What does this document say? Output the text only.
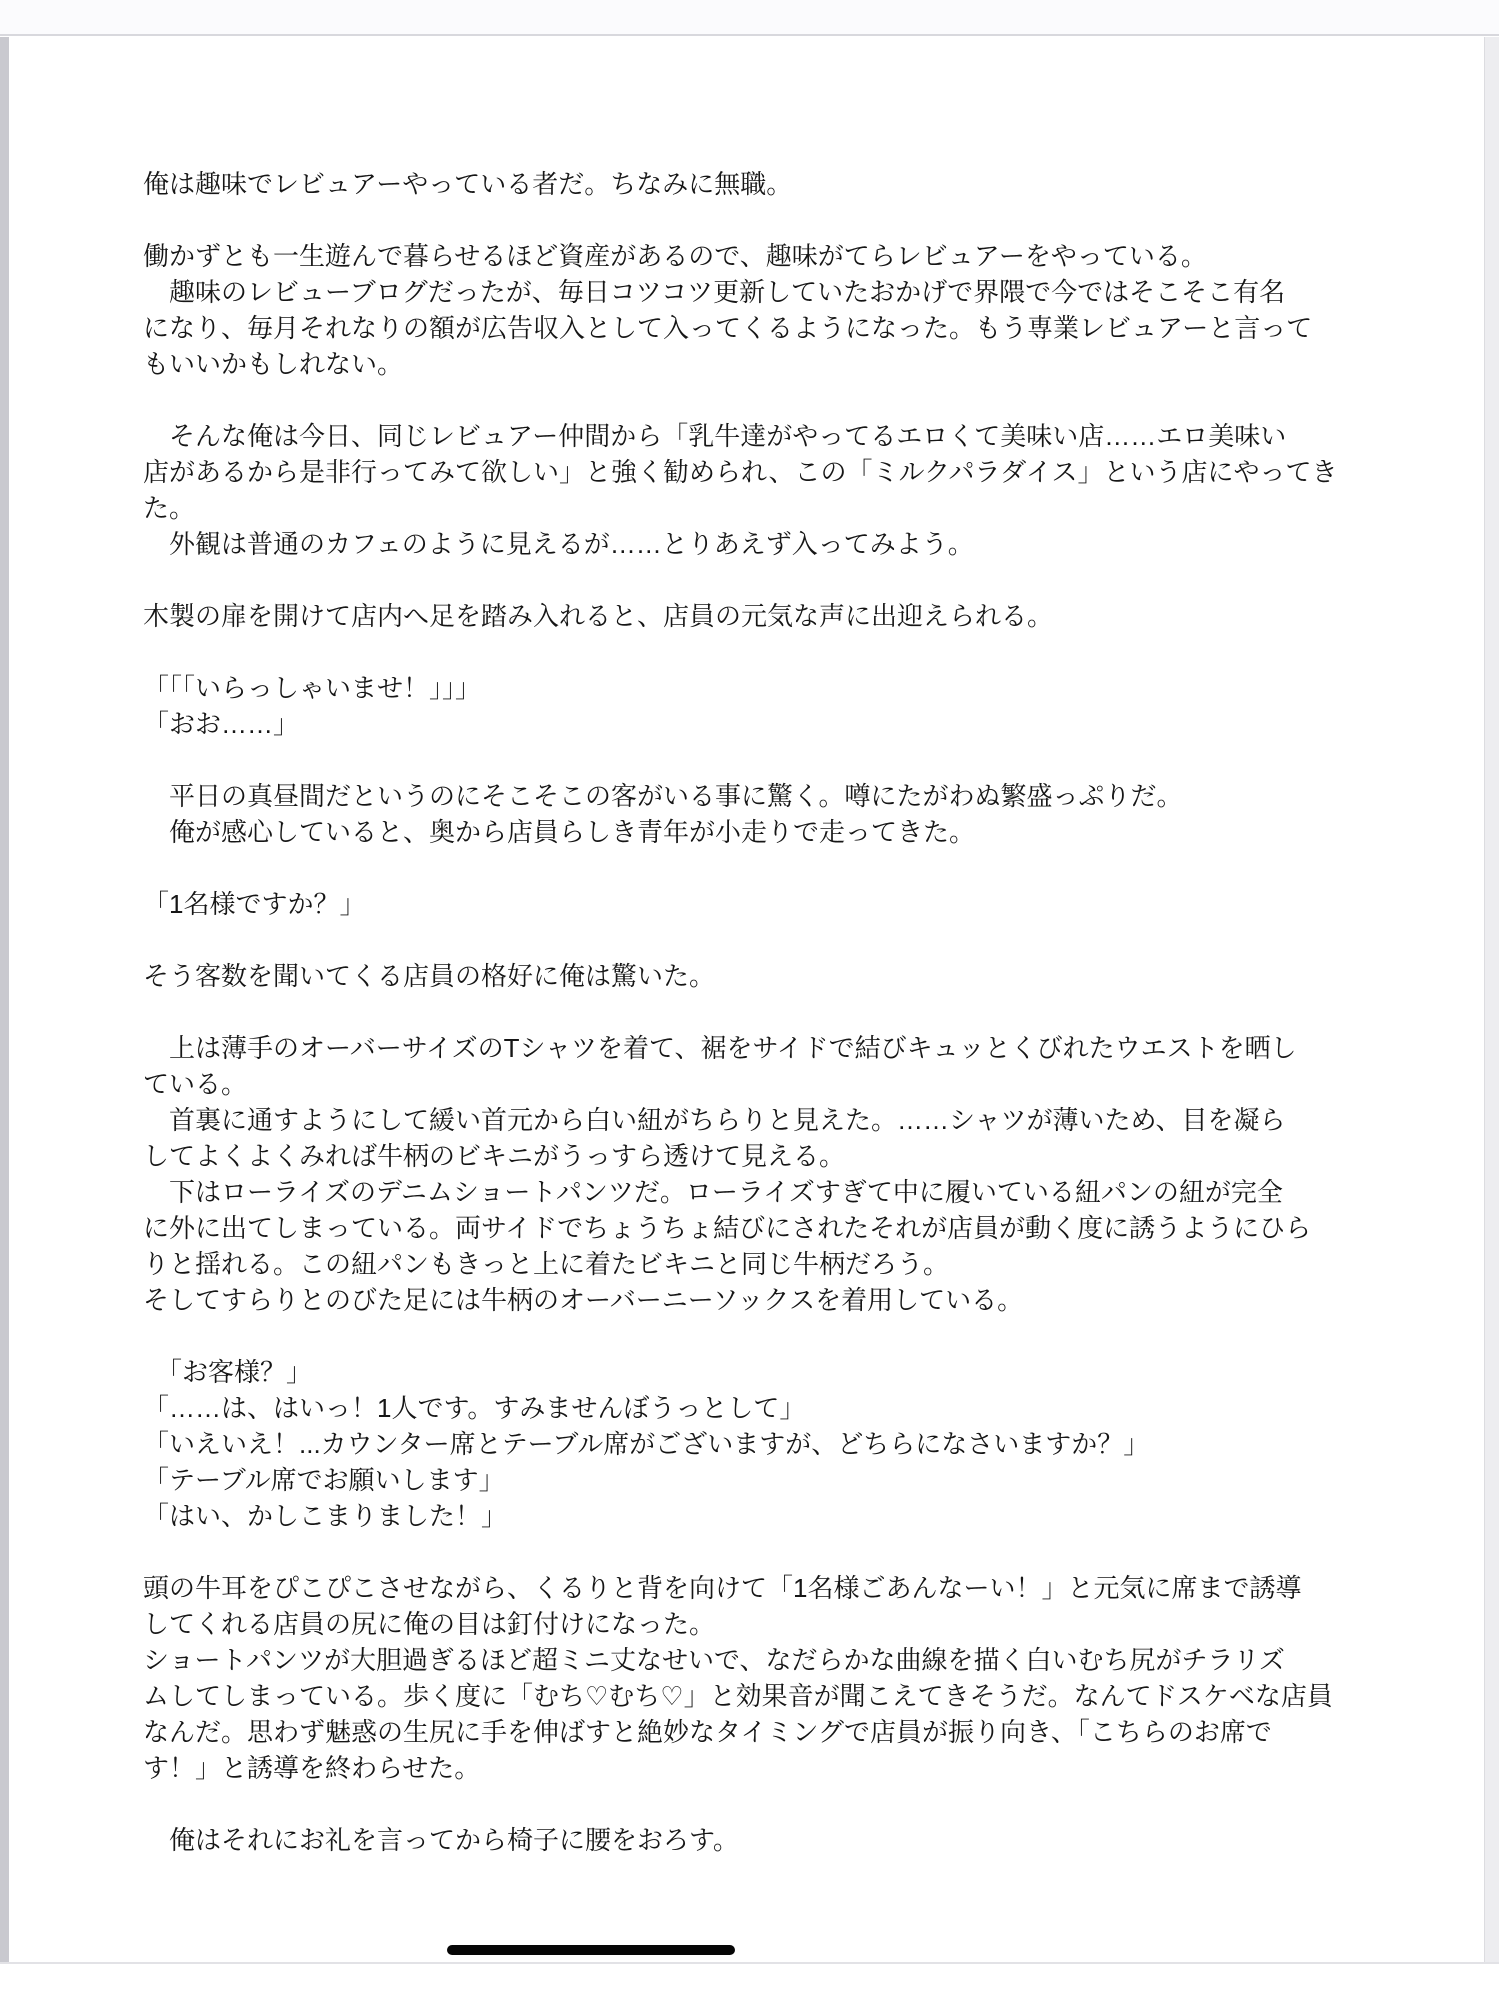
俺は趣味でレビュアーやっている者だ。ちなみに無職。
働かずとも一生遊んで暮らせるほど資産があるので、趣味がてらレビュアーをやっている。
　趣味のレビューブログだったが、毎日コツコツ更新していたおかげで界隈で今ではそこそこ有名
になり、毎月それなりの額が広告収入として入ってくるようになった。もう専業レビュアーと言って
もいいかもしれない。
　そんな俺は今日、同じレビュアー仲間から「乳牛達がやってるエロくて美味い店……エロ美味い
店があるから是非行ってみて欲しい」と強く勧められ、この「ミルクパラダイス」という店にやってき
た。
　外観は普通のカフェのように見えるが……とりあえず入ってみよう。
木製の扉を開けて店内へ足を踏み入れると、店員の元気な声に出迎えられる。
「「「いらっしゃいませ！」」」
「おお……」
　平日の真昼間だというのにそこそこの客がいる事に驚く。噂にたがわぬ繁盛っぷりだ。
　俺が感心していると、奥から店員らしき青年が小走りで走ってきた。
「1名様ですか？」
そう客数を聞いてくる店員の格好に俺は驚いた。
　上は薄手のオーバーサイズのTシャツを着て、裾をサイドで結びキュッとくびれたウエストを晒し
ている。
　首裏に通すようにして緩い首元から白い紐がちらりと見えた。……シャツが薄いため、目を凝ら
してよくよくみれば牛柄のビキニがうっすら透けて見える。
　下はローライズのデニムショートパンツだ。ローライズすぎて中に履いている紐パンの紐が完全
に外に出てしまっている。両サイドでちょうちょ結びにされたそれが店員が動く度に誘うようにひら
りと揺れる。この紐パンもきっと上に着たビキニと同じ牛柄だろう。
そしてすらりとのびた足には牛柄のオーバーニーソックスを着用している。
　「お客様？」
「……は、はいっ！1人です。すみませんぼうっとして」
「いえいえ！...カウンター席とテーブル席がございますが、どちらになさいますか？」
「テーブル席でお願いします」
「はい、かしこまりました！」
頭の牛耳をぴこぴこさせながら、くるりと背を向けて「1名様ごあんなーい！」と元気に席まで誘導
してくれる店員の尻に俺の目は釘付けになった。
ショートパンツが大胆過ぎるほど超ミニ丈なせいで、なだらかな曲線を描く白いむち尻がチラリズ
ムしてしまっている。歩く度に「むち♡むち♡」と効果音が聞こえてきそうだ。なんてドスケベな店員
なんだ。思わず魅惑の生尻に手を伸ばすと絶妙なタイミングで店員が振り向き、「こちらのお席で
す！」と誘導を終わらせた。
　俺はそれにお礼を言ってから椅子に腰をおろす。
